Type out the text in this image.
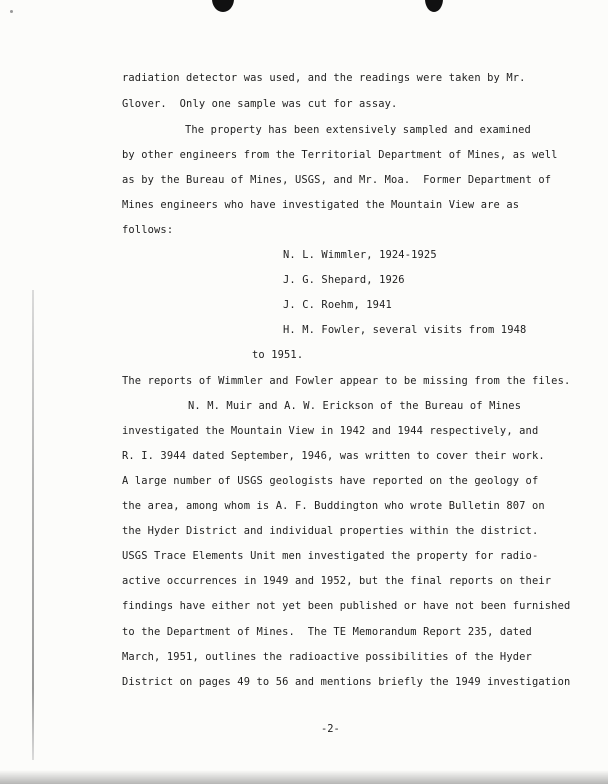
radiation detector was used, and the readings were taken by Mr.
Glover.  Only one sample was cut for assay.
The property has been extensively sampled and examined
by other engineers from the Territorial Department of Mines, as well
as by the Bureau of Mines, USGS, and Mr. Moa.  Former Department of
Mines engineers who have investigated the Mountain View are as
follows:
N. L. Wimmler, 1924-1925
J. G. Shepard, 1926
J. C. Roehm, 1941
H. M. Fowler, several visits from 1948
to 1951.
The reports of Wimmler and Fowler appear to be missing from the files.
N. M. Muir and A. W. Erickson of the Bureau of Mines
investigated the Mountain View in 1942 and 1944 respectively, and
R. I. 3944 dated September, 1946, was written to cover their work.
A large number of USGS geologists have reported on the geology of
the area, among whom is A. F. Buddington who wrote Bulletin 807 on
the Hyder District and individual properties within the district.
USGS Trace Elements Unit men investigated the property for radio-
active occurrences in 1949 and 1952, but the final reports on their
findings have either not yet been published or have not been furnished
to the Department of Mines.  The TE Memorandum Report 235, dated
March, 1951, outlines the radioactive possibilities of the Hyder
District on pages 49 to 56 and mentions briefly the 1949 investigation
-2-
